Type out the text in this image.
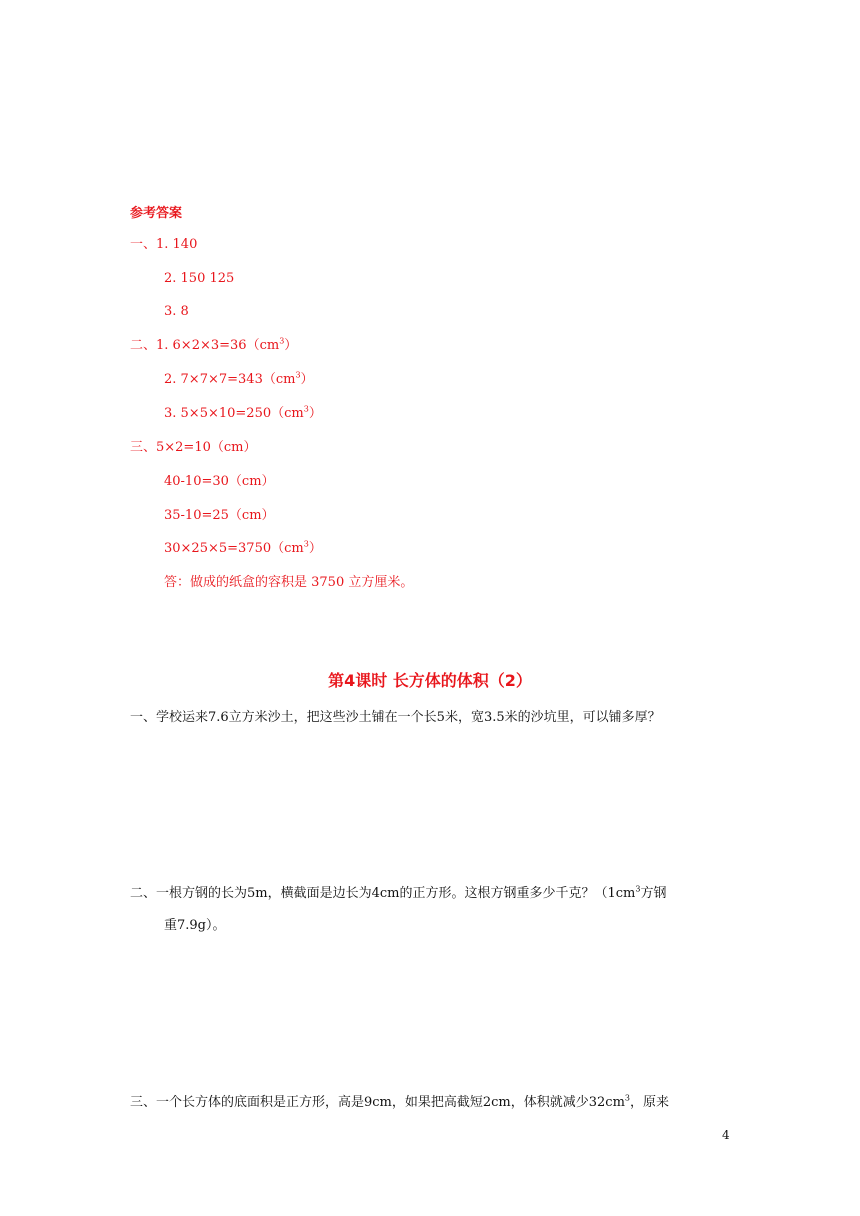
参考答案
一、1. 140
2. 150 125
3. 8
二、1. $6\times 2\times 3=36(cm^3)$
2. $7\times 7\times 7=343(cm^3)$
3. $5\times 5\times 10=250(cm^3)$
三、5×2=10（cm）
40-10=30（cm）
35-10=25（cm）
$30\times 25\times 5=3750(cm^3)$
答：做成的纸盒的容积是 3750 立方厘米。
第4课时 长方体的体积（2）
一、学校运来7.6立方米沙土，把这些沙土铺在一个长5米，宽3.5米的沙坑里，可以铺多厚？
二、一根方钢的长为5m，横截面是边长为4cm的正方形。这根方钢重多少千克？（$1cm^3$方钢
重7.9g）。
三、一个长方体的底面积是正方形，高是9cm，如果把高截短2cm，体积就减少$32cm^3$，原来
4
